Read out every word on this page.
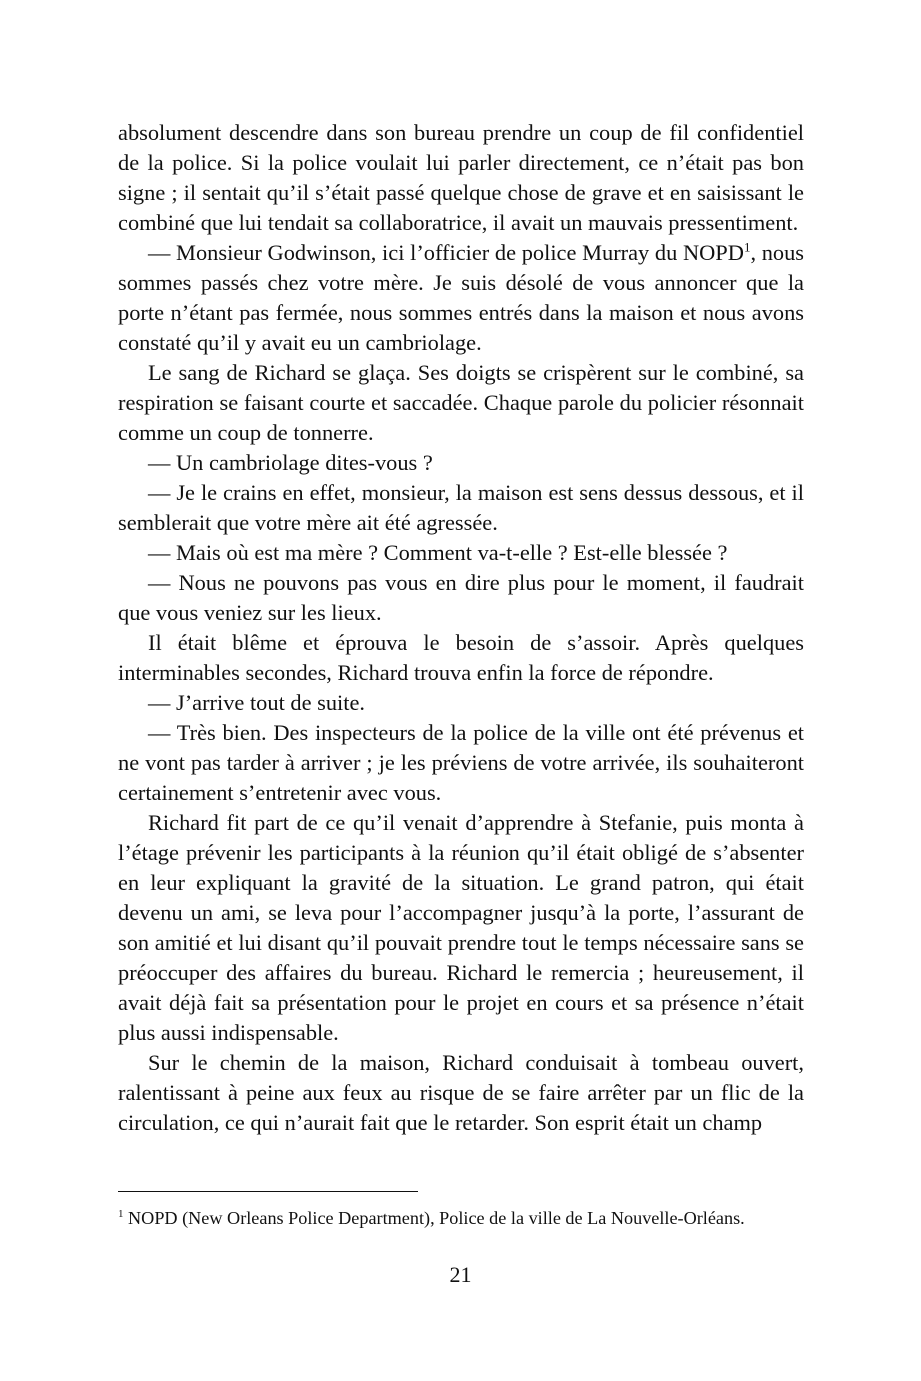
absolument descendre dans son bureau prendre un coup de fil confidentiel de la police. Si la police voulait lui parler directement, ce n’était pas bon signe ; il sentait qu’il s’était passé quelque chose de grave et en saisissant le combiné que lui tendait sa collaboratrice, il avait un mauvais pressentiment.

— Monsieur Godwinson, ici l’officier de police Murray du NOPD$^1$, nous sommes passés chez votre mère. Je suis désolé de vous annoncer que la porte n’étant pas fermée, nous sommes entrés dans la maison et nous avons constaté qu’il y avait eu un cambriolage.

Le sang de Richard se glaça. Ses doigts se crispèrent sur le combiné, sa respiration se faisant courte et saccadée. Chaque parole du policier résonnait comme un coup de tonnerre.

— Un cambriolage dites-vous ?

— Je le crains en effet, monsieur, la maison est sens dessus dessous, et il semblerait que votre mère ait été agressée.

— Mais où est ma mère ? Comment va-t-elle ? Est-elle blessée ?

— Nous ne pouvons pas vous en dire plus pour le moment, il faudrait que vous veniez sur les lieux.

Il était blême et éprouva le besoin de s’assoir. Après quelques interminables secondes, Richard trouva enfin la force de répondre.

— J’arrive tout de suite.

— Très bien. Des inspecteurs de la police de la ville ont été prévenus et ne vont pas tarder à arriver ; je les préviens de votre arrivée, ils souhaiteront certainement s’entretenir avec vous.

Richard fit part de ce qu’il venait d’apprendre à Stefanie, puis monta à l’étage prévenir les participants à la réunion qu’il était obligé de s’absenter en leur expliquant la gravité de la situation. Le grand patron, qui était devenu un ami, se leva pour l’accompagner jusqu’à la porte, l’assurant de son amitié et lui disant qu’il pouvait prendre tout le temps nécessaire sans se préoccuper des affaires du bureau. Richard le remercia ; heureusement, il avait déjà fait sa présentation pour le projet en cours et sa présence n’était plus aussi indispensable.

Sur le chemin de la maison, Richard conduisait à tombeau ouvert, ralentissant à peine aux feux au risque de se faire arrêter par un flic de la circulation, ce qui n’aurait fait que le retarder. Son esprit était un champ

$^1$ NOPD (New Orleans Police Department), Police de la ville de La Nouvelle-Orléans.
21
